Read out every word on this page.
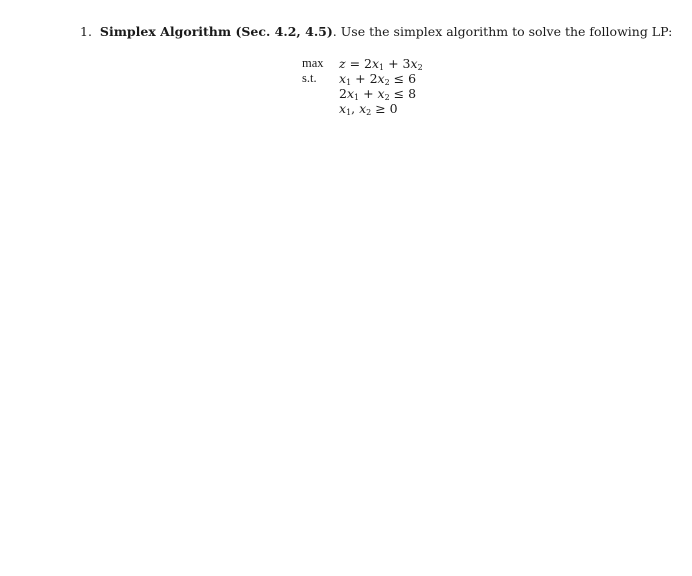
1. Simplex Algorithm (Sec. 4.2, 4.5). Use the simplex algorithm to solve the following LP:
max	$z = 2x_1 + 3x_2$
s.t.	$x_1 + 2x_2 \le 6$
	$2x_1 + x_2 \le 8$
	$x_1$, $x_2 \ge 0$
